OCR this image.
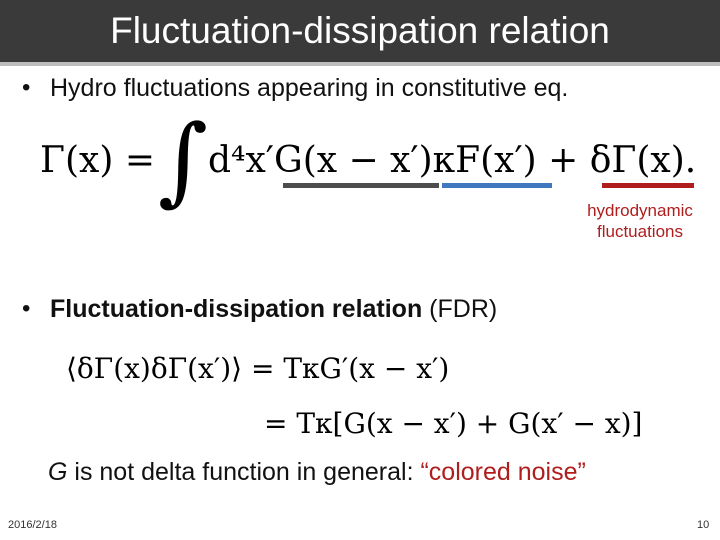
Fluctuation-dissipation relation
• Hydro fluctuations appearing in constitutive eq.
Γ(x) = ∫ d⁴x′G(x − x′)κF(x′) + δΓ(x).
hydrodynamic
fluctuations
• Fluctuation-dissipation relation (FDR)
⟨δΓ(x)δΓ(x′)⟩ = TκG′(x − x′)
= Tκ[G(x − x′) + G(x′ − x)]
G is not delta function in general: “colored noise”
2016/2/18	10
